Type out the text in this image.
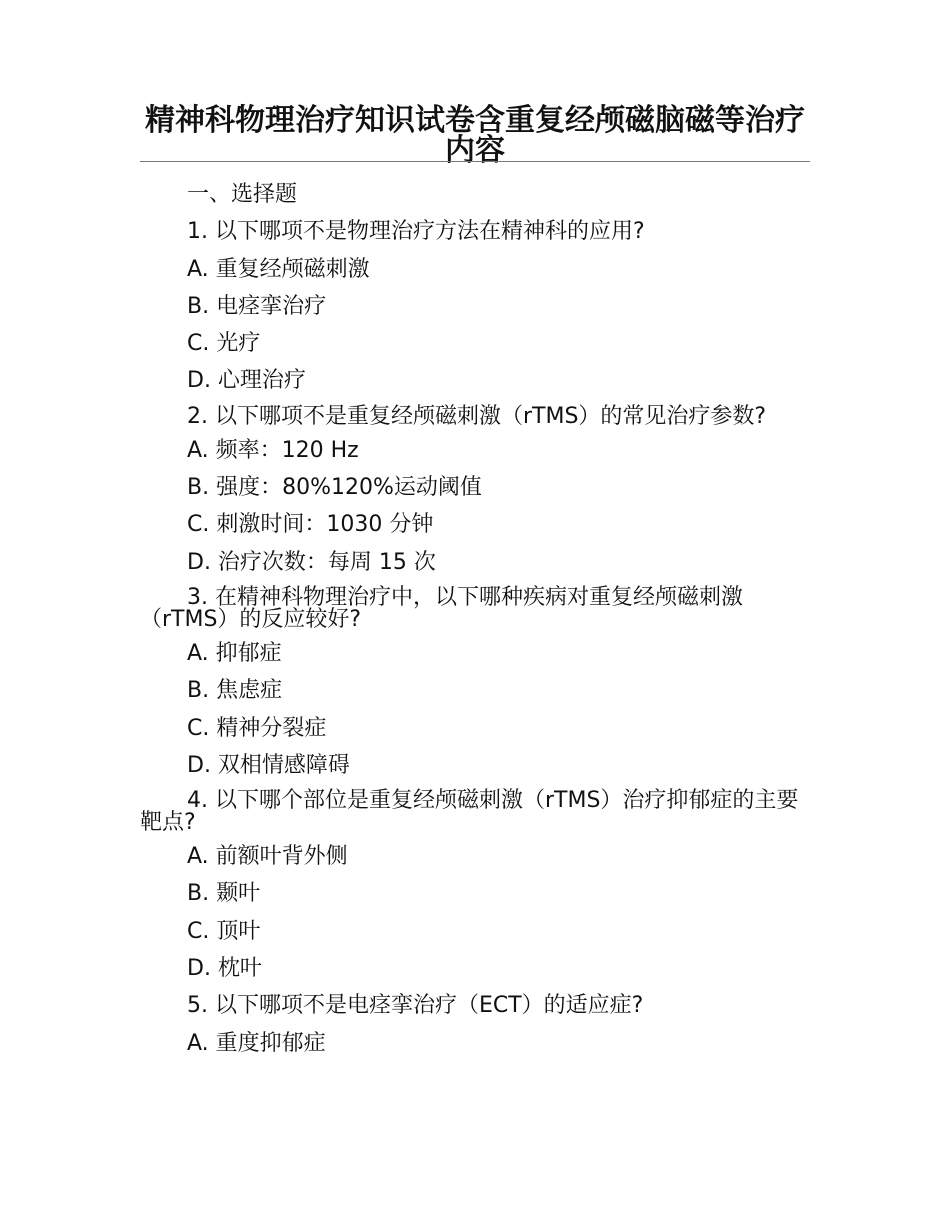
精神科物理治疗知识试卷含重复经颅磁脑磁等治疗内容
一、选择题
1. 以下哪项不是物理治疗方法在精神科的应用?
A. 重复经颅磁刺激
B. 电痉挛治疗
C. 光疗
D. 心理治疗
2. 以下哪项不是重复经颅磁刺激（rTMS）的常见治疗参数?
A. 频率：120 Hz
B. 强度：80%120%运动阈值
C. 刺激时间：1030 分钟
D. 治疗次数：每周 15 次
3. 在精神科物理治疗中，以下哪种疾病对重复经颅磁刺激（rTMS）的反应较好?
A. 抑郁症
B. 焦虑症
C. 精神分裂症
D. 双相情感障碍
4. 以下哪个部位是重复经颅磁刺激（rTMS）治疗抑郁症的主要靶点?
A. 前额叶背外侧
B. 颞叶
C. 顶叶
D. 枕叶
5. 以下哪项不是电痉挛治疗（ECT）的适应症?
A. 重度抑郁症
